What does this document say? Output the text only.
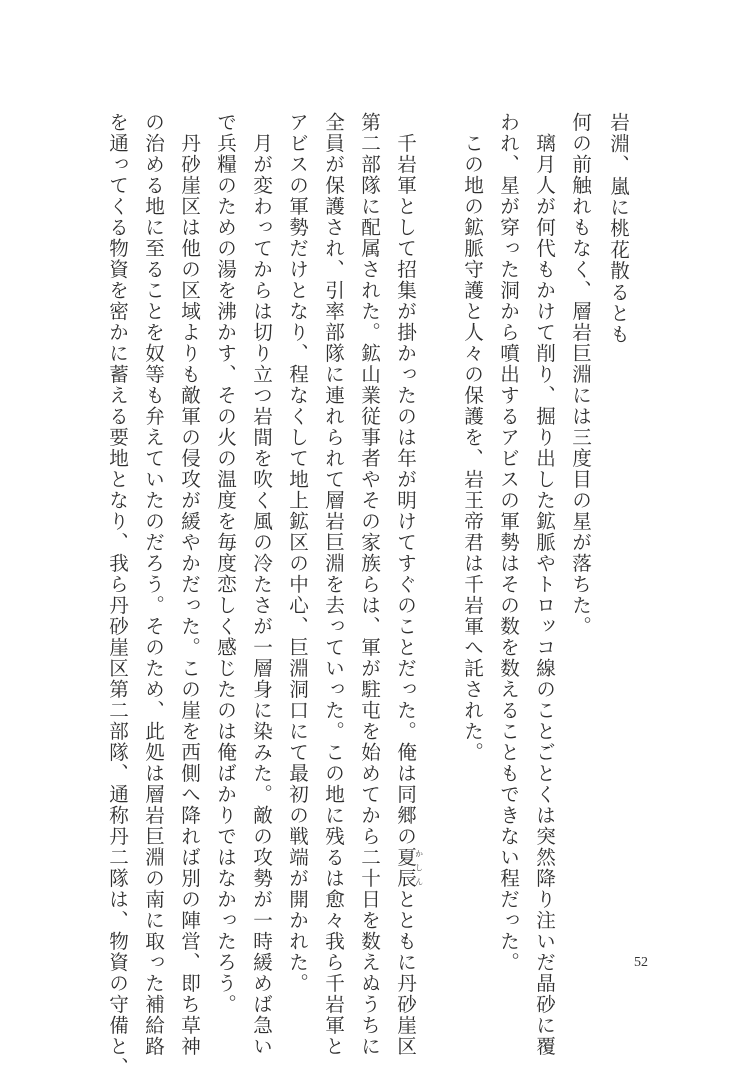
岩淵、嵐に桃花散るとも
何の前触れもなく、層岩巨淵には三度目の星が落ちた。
　璃月人が何代もかけて削り、掘り出した鉱脈やトロッコ線のことごとくは突然降り注いだ晶砂に覆
われ、星が穿った洞から噴出するアビスの軍勢はその数を数えることもできない程だった。
　この地の鉱脈守護と人々の保護を、岩王帝君は千岩軍へ託された。
　千岩軍として招集が掛かったのは年が明けてすぐのことだった。俺は同郷の夏辰かしんとともに丹砂崖区
第二部隊に配属された。鉱山業従事者やその家族らは、軍が駐屯を始めてから二十日を数えぬうちに
全員が保護され、引率部隊に連れられて層岩巨淵を去っていった。この地に残るは愈々我ら千岩軍と
アビスの軍勢だけとなり、程なくして地上鉱区の中心、巨淵洞口にて最初の戦端が開かれた。
　月が変わってからは切り立つ岩間を吹く風の冷たさが一層身に染みた。敵の攻勢が一時緩めば急い
で兵糧のための湯を沸かす、その火の温度を毎度恋しく感じたのは俺ばかりではなかったろう。
　丹砂崖区は他の区域よりも敵軍の侵攻が緩やかだった。この崖を西側へ降れば別の陣営、即ち草神
の治める地に至ることを奴等も弁えていたのだろう。そのため、此処は層岩巨淵の南に取った補給路
を通ってくる物資を密かに蓄える要地となり、我ら丹砂崖区第二部隊、通称丹二隊は、物資の守備と、	52
